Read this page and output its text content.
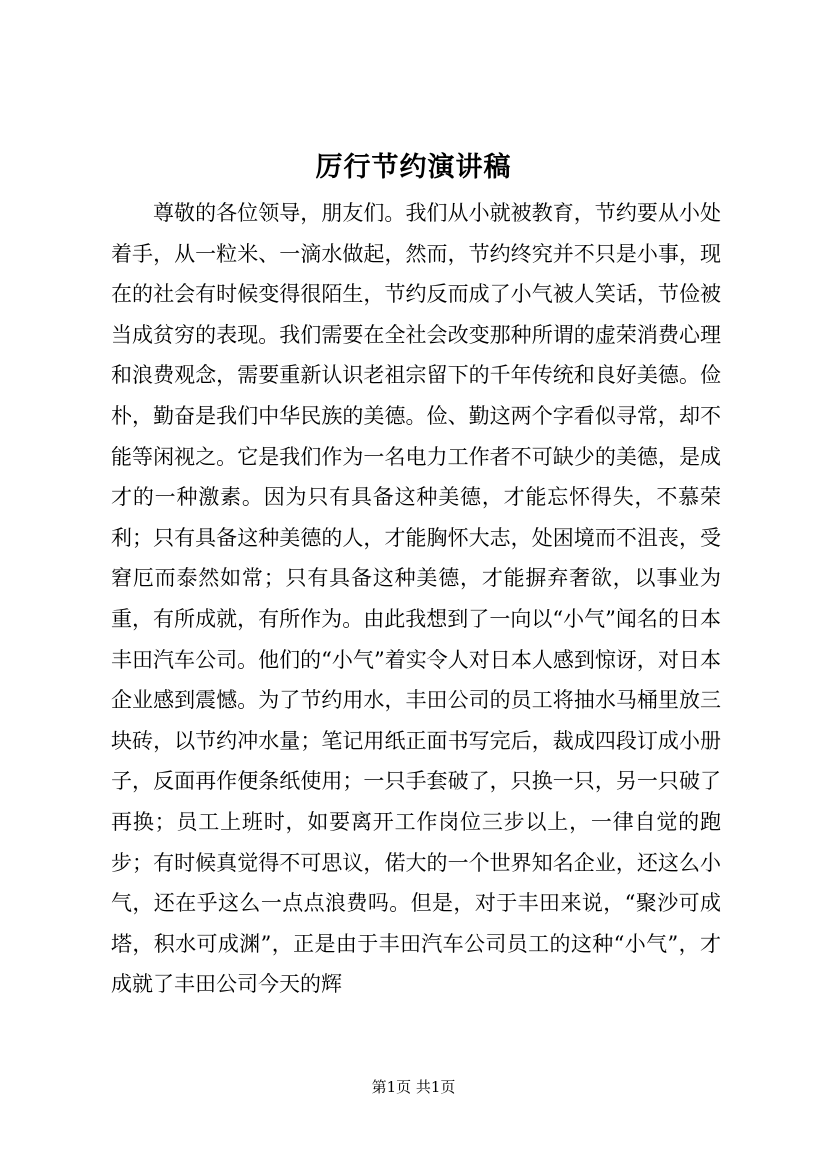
厉行节约演讲稿

尊敬的各位领导，朋友们。我们从小就被教育，节约要从小处着手，从一粒米、一滴水做起，然而，节约终究并不只是小事，现在的社会有时候变得很陌生，节约反而成了小气被人笑话，节俭被当成贫穷的表现。我们需要在全社会改变那种所谓的虚荣消费心理和浪费观念，需要重新认识老祖宗留下的千年传统和良好美德。俭朴，勤奋是我们中华民族的美德。俭、勤这两个字看似寻常，却不能等闲视之。它是我们作为一名电力工作者不可缺少的美德，是成才的一种激素。因为只有具备这种美德，才能忘怀得失，不慕荣利；只有具备这种美德的人，才能胸怀大志，处困境而不沮丧，受窘厄而泰然如常；只有具备这种美德，才能摒弃奢欲，以事业为重，有所成就，有所作为。由此我想到了一向以“小气”闻名的日本丰田汽车公司。他们的“小气”着实令人对日本人感到惊讶，对日本企业感到震憾。为了节约用水，丰田公司的员工将抽水马桶里放三块砖，以节约冲水量；笔记用纸正面书写完后，裁成四段订成小册子，反面再作便条纸使用；一只手套破了，只换一只，另一只破了再换；员工上班时，如要离开工作岗位三步以上，一律自觉的跑步；有时候真觉得不可思议，偌大的一个世界知名企业，还这么小气，还在乎这么一点点浪费吗。但是，对于丰田来说，“聚沙可成塔，积水可成渊”，正是由于丰田汽车公司员工的这种“小气”，才成就了丰田公司今天的辉

第1页 共1页
